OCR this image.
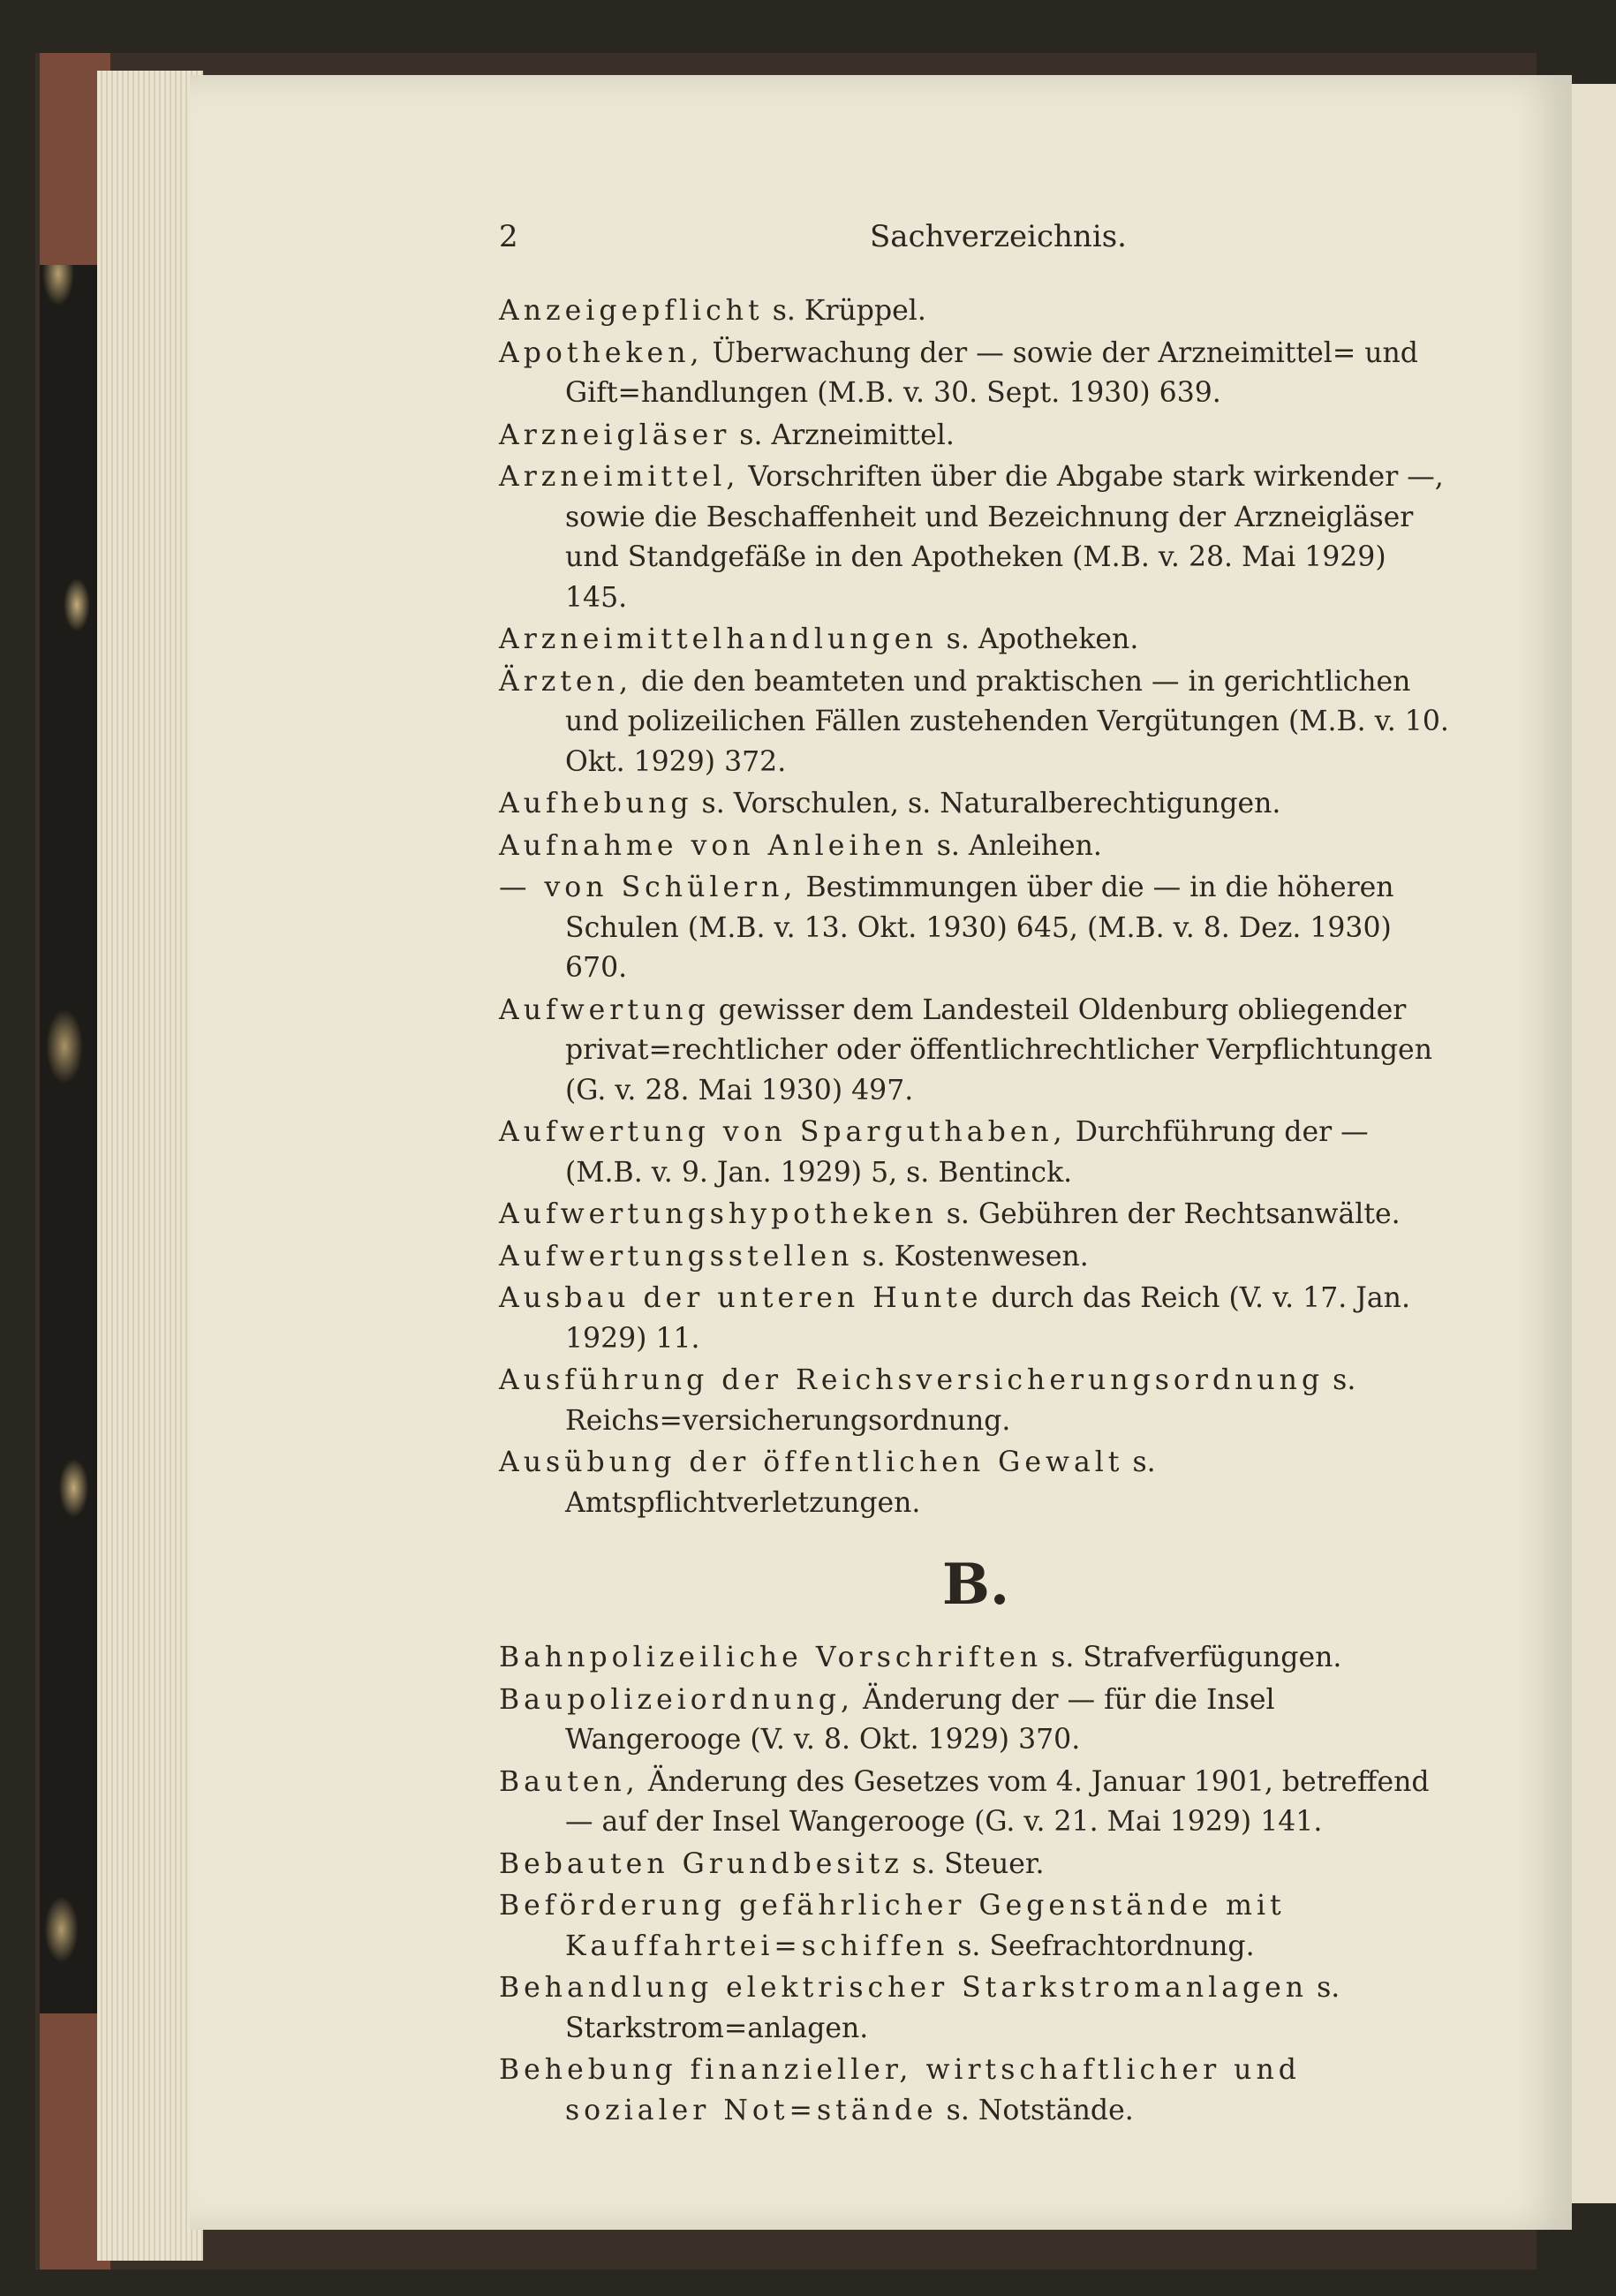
2	Sachverzeichnis.
Anzeigepflicht s. Krüppel.
Apotheken, Überwachung der — sowie der Arzneimittel= und Gift=handlungen (M.B. v. 30. Sept. 1930) 639.
Arzneigläser s. Arzneimittel.
Arzneimittel, Vorschriften über die Abgabe stark wirkender —, sowie die Beschaffenheit und Bezeichnung der Arzneigläser und Standgefäße in den Apotheken (M.B. v. 28. Mai 1929) 145.
Arzneimittelhandlungen s. Apotheken.
Ärzten, die den beamteten und praktischen — in gerichtlichen und polizeilichen Fällen zustehenden Vergütungen (M.B. v. 10. Okt. 1929) 372.
Aufhebung s. Vorschulen, s. Naturalberechtigungen.
Aufnahme von Anleihen s. Anleihen.
— von Schülern, Bestimmungen über die — in die höheren Schulen (M.B. v. 13. Okt. 1930) 645, (M.B. v. 8. Dez. 1930) 670.
Aufwertung gewisser dem Landesteil Oldenburg obliegender privat=rechtlicher oder öffentlichrechtlicher Verpflichtungen (G. v. 28. Mai 1930) 497.
Aufwertung von Sparguthaben, Durchführung der — (M.B. v. 9. Jan. 1929) 5, s. Bentinck.
Aufwertungshypotheken s. Gebühren der Rechtsanwälte.
Aufwertungsstellen s. Kostenwesen.
Ausbau der unteren Hunte durch das Reich (V. v. 17. Jan. 1929) 11.
Ausführung der Reichsversicherungsordnung s. Reichs=versicherungsordnung.
Ausübung der öffentlichen Gewalt s. Amtspflichtverletzungen.
B.
Bahnpolizeiliche Vorschriften s. Strafverfügungen.
Baupolizeiordnung, Änderung der — für die Insel Wangerooge (V. v. 8. Okt. 1929) 370.
Bauten, Änderung des Gesetzes vom 4. Januar 1901, betreffend — auf der Insel Wangerooge (G. v. 21. Mai 1929) 141.
Bebauten Grundbesitz s. Steuer.
Beförderung gefährlicher Gegenstände mit Kauffahrtei=schiffen s. Seefrachtordnung.
Behandlung elektrischer Starkstromanlagen s. Starkstrom=anlagen.
Behebung finanzieller, wirtschaftlicher und sozialer Not=stände s. Notstände.
